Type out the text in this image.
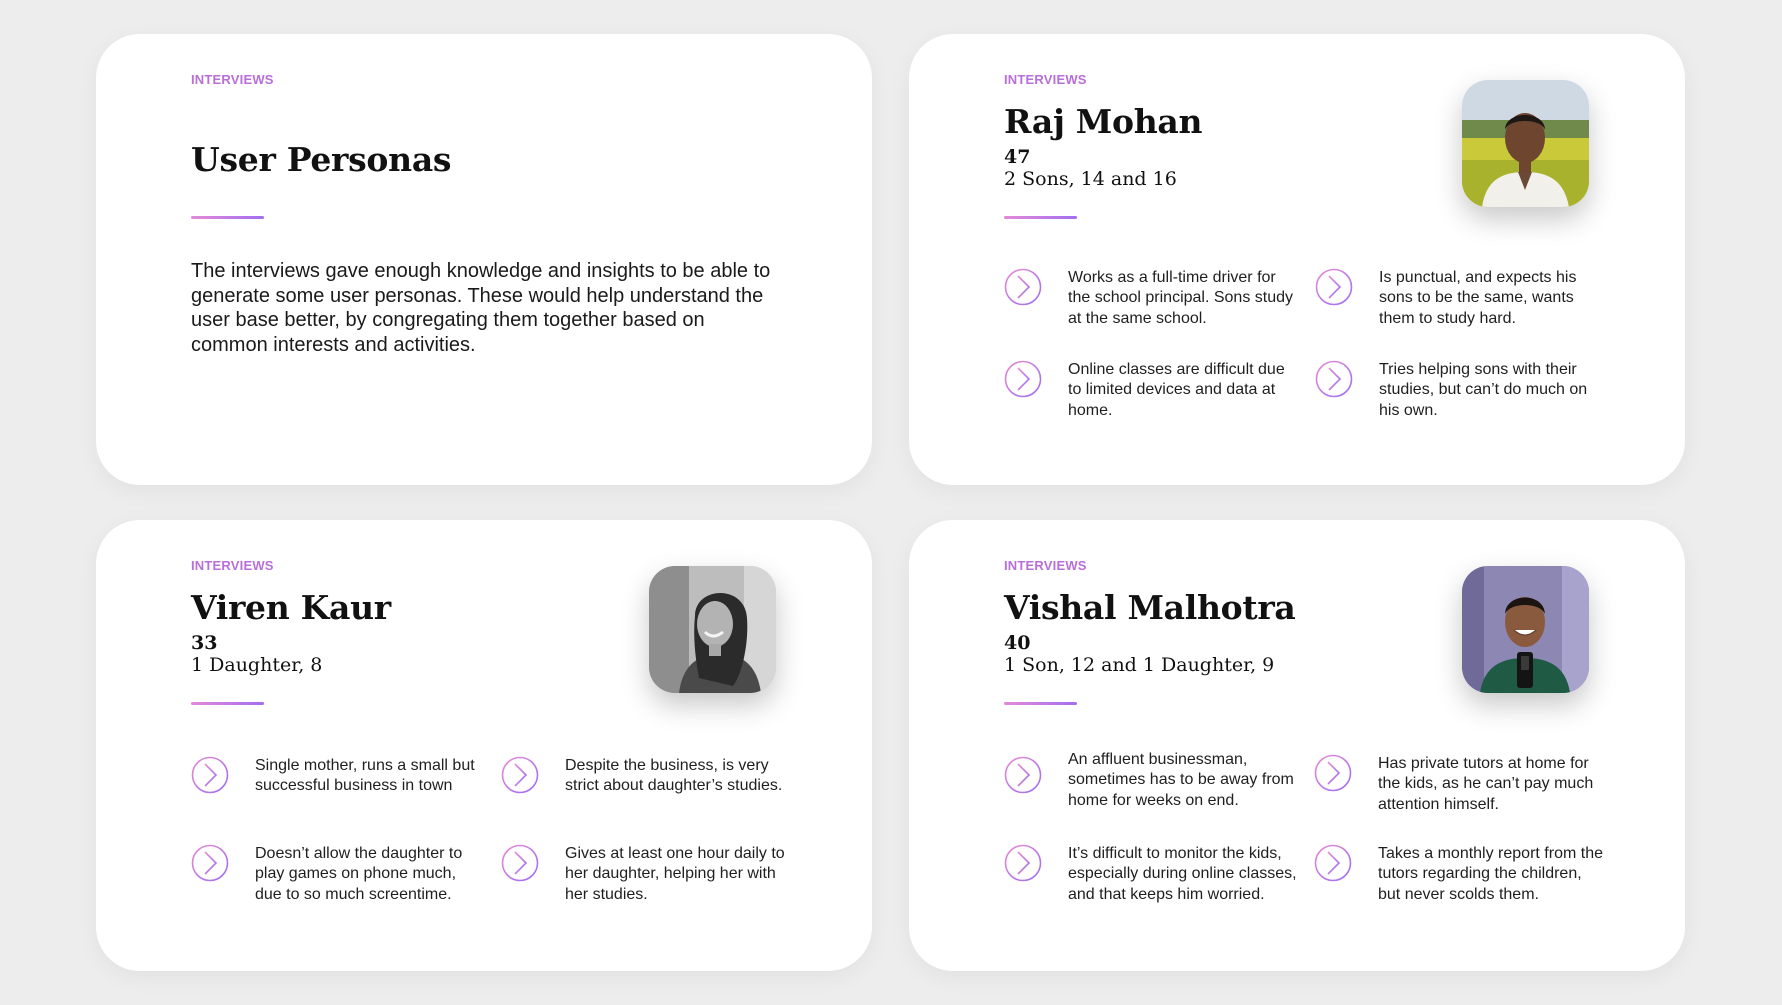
INTERVIEWS
User Personas
The interviews gave enough knowledge and insights to be able to generate some user personas. These would help understand the user base better, by congregating them together based on common interests and activities.
INTERVIEWS
Raj Mohan
47
2 Sons, 14 and 16
Works as a full-time driver for the school principal. Sons study at the same school.
Is punctual, and expects his sons to be the same, wants them to study hard.
Online classes are difficult due to limited devices and data at home.
Tries helping sons with their studies, but can’t do much on his own.
INTERVIEWS
Viren Kaur
33
1 Daughter, 8
Single mother, runs a small but successful business in town
Despite the business, is very strict about daughter’s studies.
Doesn’t allow the daughter to play games on phone much, due to so much screentime.
Gives at least one hour daily to her daughter, helping her with her studies.
INTERVIEWS
Vishal Malhotra
40
1 Son, 12 and 1 Daughter, 9
An affluent businessman, sometimes has to be away from home for weeks on end.
Has private tutors at home for the kids, as he can’t pay much attention himself.
It’s difficult to monitor the kids, especially during online classes, and that keeps him worried.
Takes a monthly report from the tutors regarding the children, but never scolds them.
